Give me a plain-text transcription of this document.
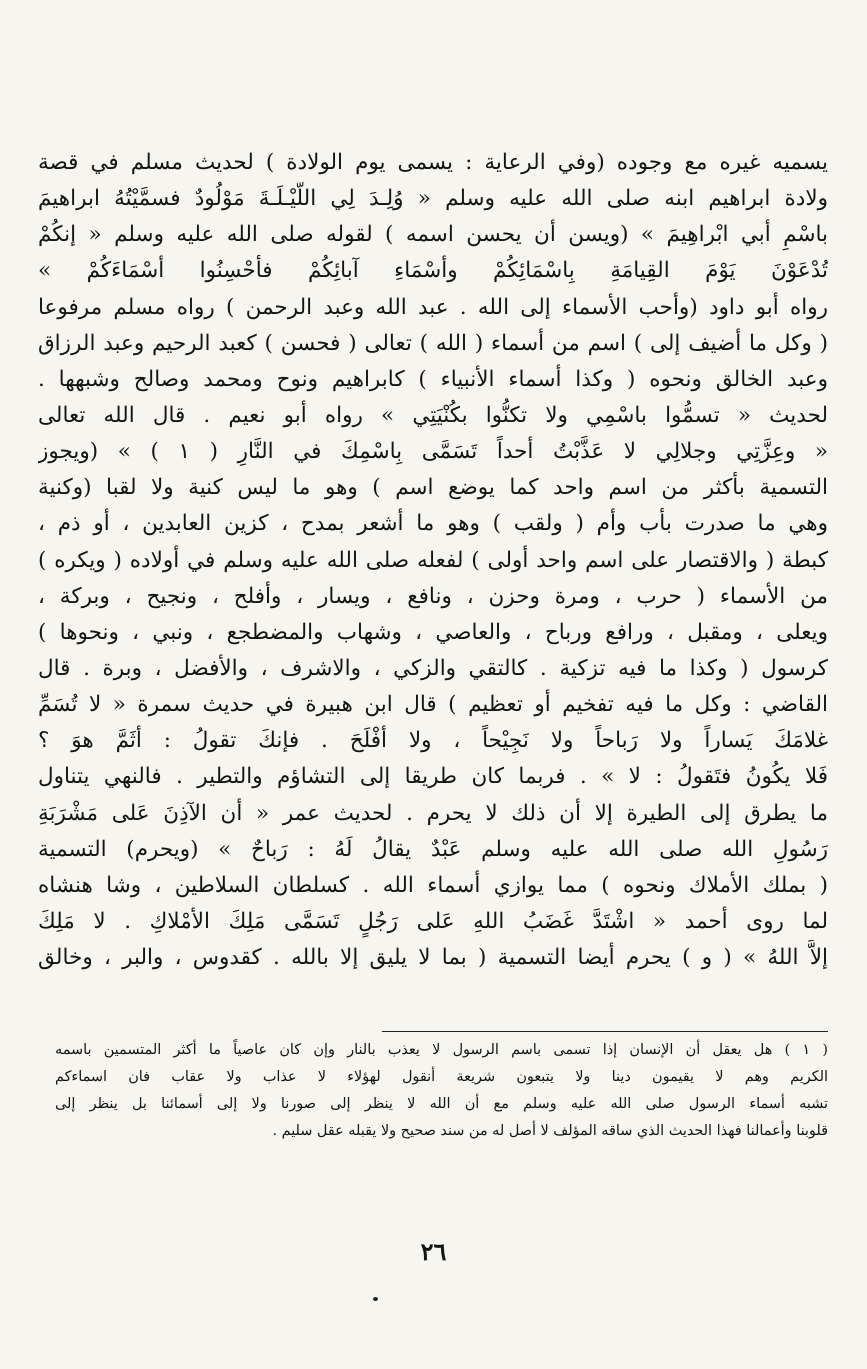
يسميه غيره مع وجوده (وفي الرعاية : يسمى يوم الولادة ) لحديث مسلم في قصة
ولادة ابراهيم ابنه صلى الله عليه وسلم « وُلِـدَ لِي اللَّيْـلَـةَ مَوْلُودٌ فسمَّيْتُهُ ابراهيمَ
باسْمِ أبي ابْراهِيمَ » (ويسن أن يحسن اسمه ) لقوله صلى الله عليه وسلم « إنكُمْ
تُدْعَوْنَ يَوْمَ القِيامَةِ بِاسْمَائِكُمْ وأسْمَاءِ آبائِكُمْ فأحْسِنُوا أسْمَاءَكُمْ »
رواه أبو داود (وأحب الأسماء إلى الله . عبد الله وعبد الرحمن ) رواه مسلم مرفوعا
( وكل ما أضيف إلى ) اسم من أسماء ( الله ) تعالى ( فحسن ) كعبد الرحيم وعبد الرزاق
وعبد الخالق ونحوه ( وكذا أسماء الأنبياء ) كابراهيم ونوح ومحمد وصالح وشبهها .
لحديث « تسمُّوا باسْمِي ولا تكنُّوا بكُنْيَتِي » رواه أبو نعيم . قال الله تعالى
« وعِزَّتِي وجلالِي لا عَذَّبْتُ أحداً تَسَمَّى بِاسْمِكَ في النَّارِ ( ١ ) » (ويجوز
التسمية بأكثر من اسم واحد كما يوضع اسم ) وهو ما ليس كنية ولا لقبا (وكنية
وهي ما صدرت بأب وأم ( ولقب ) وهو ما أشعر بمدح ، كزين العابدين ، أو ذم ،
كبطة ( والاقتصار على اسم واحد أولى ) لفعله صلى الله عليه وسلم في أولاده ( ويكره )
من الأسماء ( حرب ، ومرة وحزن ، ونافع ، ويسار ، وأفلح ، ونجيح ، وبركة ،
ويعلى ، ومقبل ، ورافع ورباح ، والعاصي ، وشهاب والمضطجع ، ونبي ، ونحوها )
كرسول ( وكذا ما فيه تزكية . كالتقي والزكي ، والاشرف ، والأفضل ، وبرة . قال
القاضي : وكل ما فيه تفخيم أو تعظيم ) قال ابن هبيرة في حديث سمرة « لا تُسَمِّ
غلامَكَ يَساراً ولا رَباحاً ولا نَجِيْحاً ، ولا أفْلَحَ . فإنكَ تقولُ : أثَمَّ هوَ ؟
فَلا يكُونُ فتَقولُ : لا » . فربما كان طريقا إلى التشاؤم والتطير . فالنهي يتناول
ما يطرق إلى الطيرة إلا أن ذلك لا يحرم . لحديث عمر « أن الآذِنَ عَلى مَشْرَبَةِ
رَسُولِ الله صلى الله عليه وسلم عَبْدٌ يقالُ لَهُ : رَباحٌ » (ويحرم) التسمية
( بملك الأملاك ونحوه ) مما يوازي أسماء الله . كسلطان السلاطين ، وشا هنشاه
لما روى أحمد « اشْتَدَّ غَضَبُ اللهِ عَلى رَجُلٍ تَسَمَّى مَلِكَ الأمْلاكِ . لا مَلِكَ
إلاَّ اللهُ » ( و ) يحرم أيضا التسمية ( بما لا يليق إلا بالله . كقدوس ، والبر ، وخالق
( ١ ) هل يعقل أن الإنسان إذا تسمى باسم الرسول لا يعذب بالنار وإن كان عاصياً ما أكثر المتسمين باسمه
الكريم وهم لا يقيمون دينا ولا يتبعون شريعة أنقول لهؤلاء لا عذاب ولا عقاب فان اسماءكم
تشبه أسماء الرسول صلى الله عليه وسلم مع أن الله لا ينظر إلى صورنا ولا إلى أسمائنا بل ينظر إلى
قلوبنا وأعمالنا فهذا الحديث الذي ساقه المؤلف لا أصل له من سند صحيح ولا يقبله عقل سليم .
٢٦
